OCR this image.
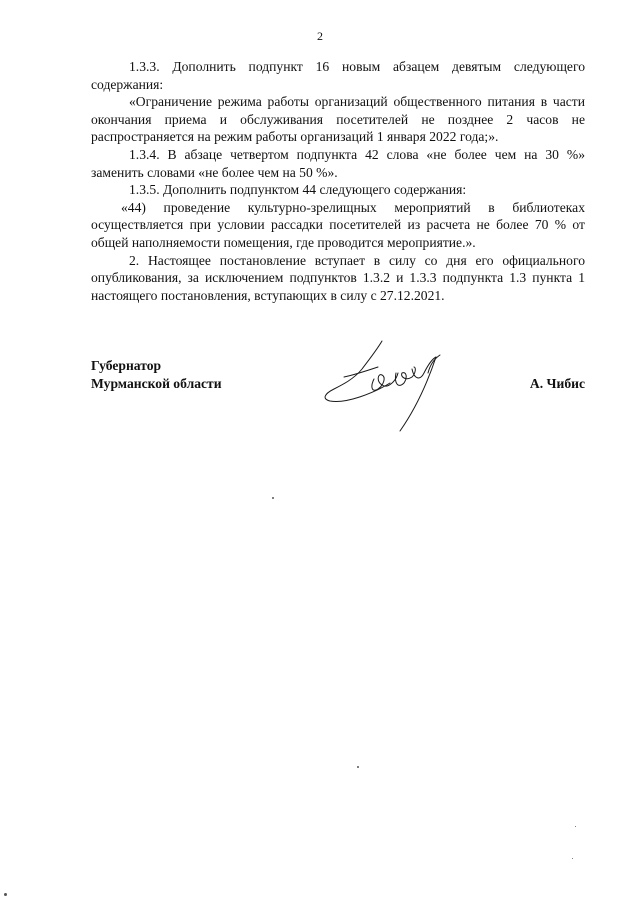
2

1.3.3. Дополнить подпункт 16 новым абзацем девятым следующего содержания:

«Ограничение режима работы организаций общественного питания в части окончания приема и обслуживания посетителей не позднее 2 часов не распространяется на режим работы организаций 1 января 2022 года;».

1.3.4. В абзаце четвертом подпункта 42 слова «не более чем на 30 %» заменить словами «не более чем на 50 %».

1.3.5. Дополнить подпунктом 44 следующего содержания:

«44) проведение культурно-зрелищных мероприятий в библиотеках осуществляется при условии рассадки посетителей из расчета не более 70 % от общей наполняемости помещения, где проводится мероприятие.».

2. Настоящее постановление вступает в силу со дня его официального опубликования, за исключением подпунктов 1.3.2 и 1.3.3 подпункта 1.3 пункта 1 настоящего постановления, вступающих в силу с 27.12.2021.

Губернатор
Мурманской области	А. Чибис
